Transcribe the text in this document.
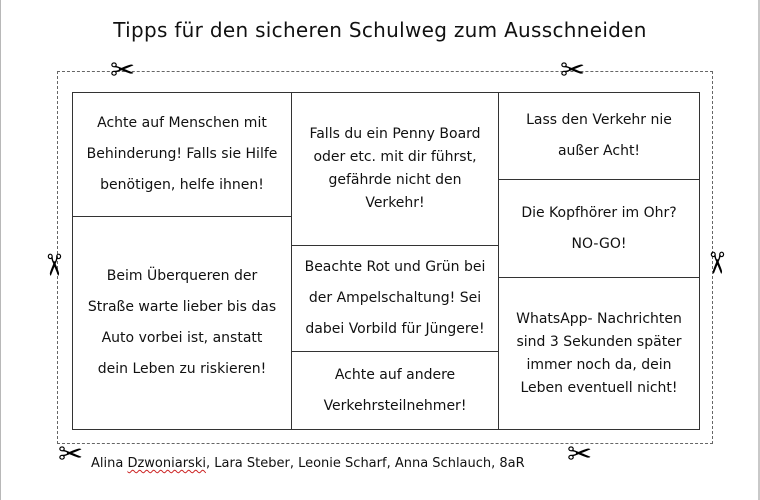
Tipps für den sicheren Schulweg zum Ausschneiden
✂	✂
✂	✂
✂	✂
Achte auf Menschen mit
Behinderung! Falls sie Hilfe
benötigen, helfe ihnen!
Beim Überqueren der
Straße warte lieber bis das
Auto vorbei ist, anstatt
dein Leben zu riskieren!
Falls du ein Penny Board
oder etc. mit dir führst,
gefährde nicht den
Verkehr!
Beachte Rot und Grün bei
der Ampelschaltung! Sei
dabei Vorbild für Jüngere!
Achte auf andere
Verkehrsteilnehmer!
Lass den Verkehr nie
außer Acht!
Die Kopfhörer im Ohr?
NO-GO!
WhatsApp- Nachrichten
sind 3 Sekunden später
immer noch da, dein
Leben eventuell nicht!
Alina Dzwoniarski, Lara Steber, Leonie Scharf, Anna Schlauch, 8aR
